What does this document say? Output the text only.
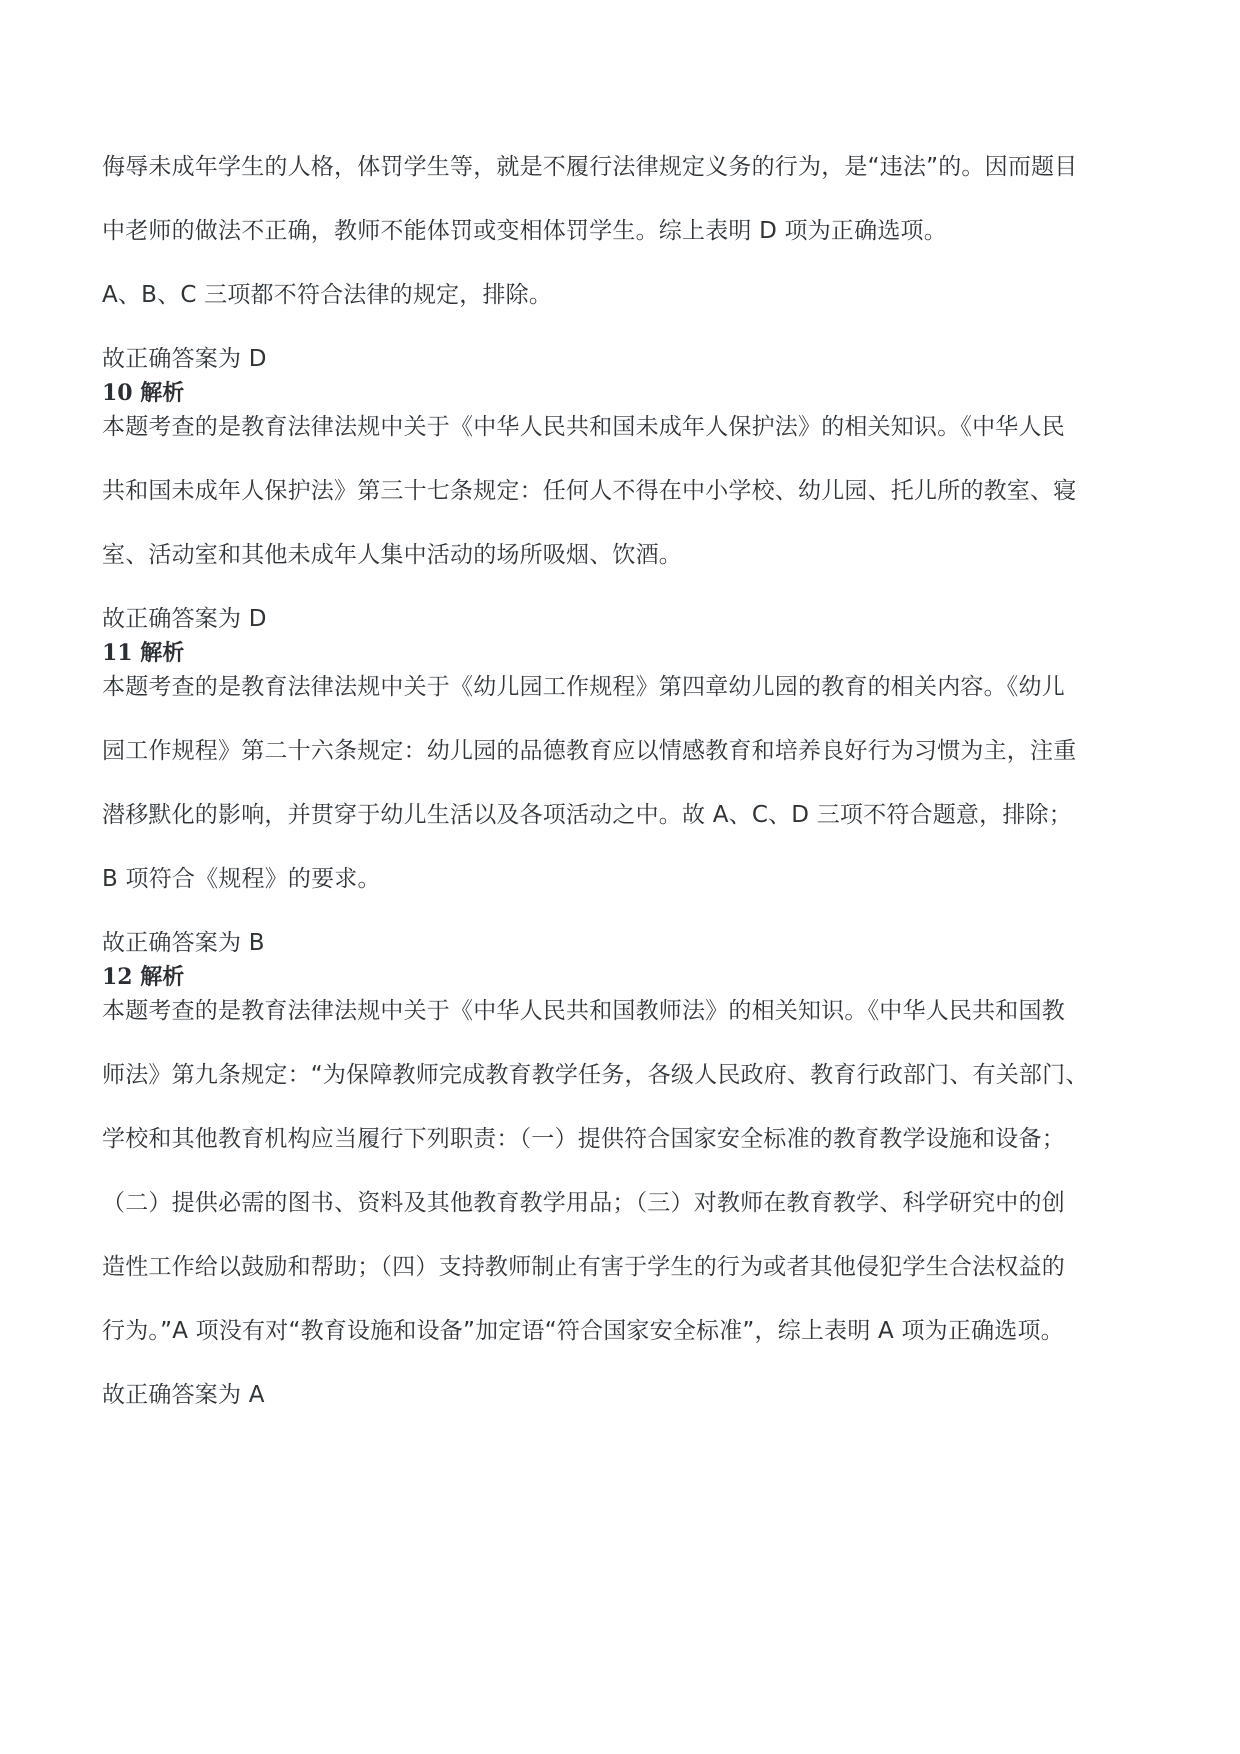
侮辱未成年学生的人格，体罚学生等，就是不履行法律规定义务的行为，是“违法”的。因而题目
中老师的做法不正确，教师不能体罚或变相体罚学生。综上表明 D 项为正确选项。
A、B、C 三项都不符合法律的规定，排除。
故正确答案为 D
10 解析
本题考查的是教育法律法规中关于《中华人民共和国未成年人保护法》的相关知识。《中华人民
共和国未成年人保护法》第三十七条规定：任何人不得在中小学校、幼儿园、托儿所的教室、寝
室、活动室和其他未成年人集中活动的场所吸烟、饮酒。
故正确答案为 D
11 解析
本题考查的是教育法律法规中关于《幼儿园工作规程》第四章幼儿园的教育的相关内容。《幼儿
园工作规程》第二十六条规定：幼儿园的品德教育应以情感教育和培养良好行为习惯为主，注重
潜移默化的影响，并贯穿于幼儿生活以及各项活动之中。故 A、C、D 三项不符合题意，排除；
B 项符合《规程》的要求。
故正确答案为 B
12 解析
本题考查的是教育法律法规中关于《中华人民共和国教师法》的相关知识。《中华人民共和国教
师法》第九条规定：“为保障教师完成教育教学任务，各级人民政府、教育行政部门、有关部门、
学校和其他教育机构应当履行下列职责：（一）提供符合国家安全标准的教育教学设施和设备；
（二）提供必需的图书、资料及其他教育教学用品；（三）对教师在教育教学、科学研究中的创
造性工作给以鼓励和帮助；（四）支持教师制止有害于学生的行为或者其他侵犯学生合法权益的
行为。”A 项没有对“教育设施和设备”加定语“符合国家安全标准”，综上表明 A 项为正确选项。
故正确答案为 A
